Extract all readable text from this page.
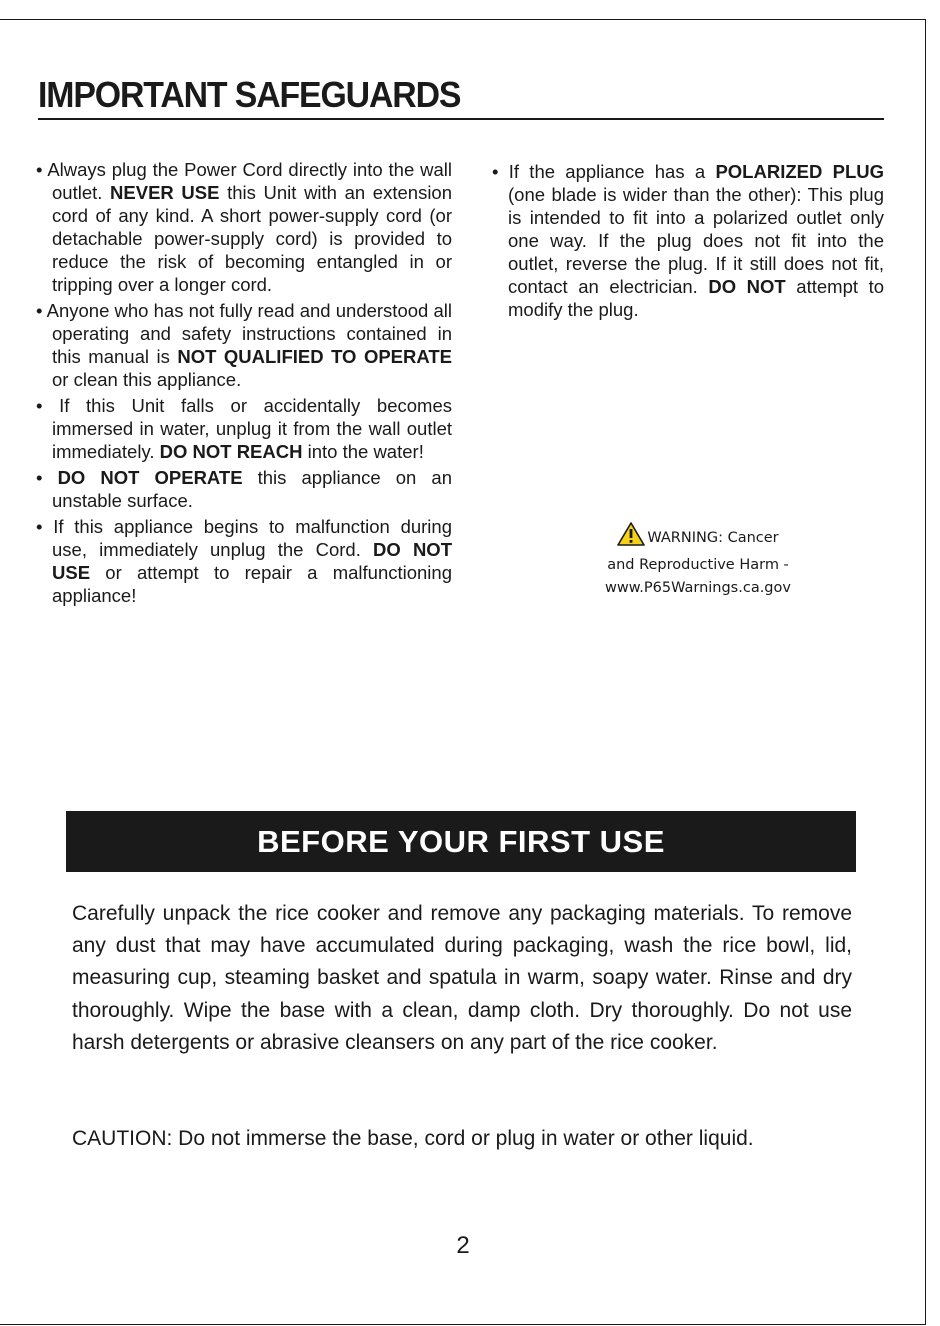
IMPORTANT SAFEGUARDS
• Always plug the Power Cord directly into the wall outlet. NEVER USE this Unit with an extension cord of any kind. A short power-supply cord (or detachable power-supply cord) is provided to reduce the risk of becoming entangled in or tripping over a longer cord.
• Anyone who has not fully read and understood all operating and safety instructions contained in this manual is NOT QUALIFIED TO OPERATE or clean this appliance.
• If this Unit falls or accidentally becomes immersed in water, unplug it from the wall outlet immediately. DO NOT REACH into the water!
• DO NOT OPERATE this appliance on an unstable surface.
• If this appliance begins to malfunction during use, immediately unplug the Cord. DO NOT USE or attempt to repair a malfunctioning appliance!
• If the appliance has a POLARIZED PLUG (one blade is wider than the other): This plug is intended to fit into a polarized outlet only one way. If the plug does not fit into the outlet, reverse the plug. If it still does not fit, contact an electrician. DO NOT attempt to modify the plug.
WARNING: Cancer
and Reproductive Harm -
www.P65Warnings.ca.gov
BEFORE YOUR FIRST USE

Carefully unpack the rice cooker and remove any packaging materials. To remove any dust that may have accumulated during packaging, wash the rice bowl, lid, measuring cup, steaming basket and spatula in warm, soapy water. Rinse and dry thoroughly. Wipe the base with a clean, damp cloth. Dry thoroughly. Do not use harsh detergents or abrasive cleansers on any part of the rice cooker.

CAUTION: Do not immerse the base, cord or plug in water or other liquid.

2
